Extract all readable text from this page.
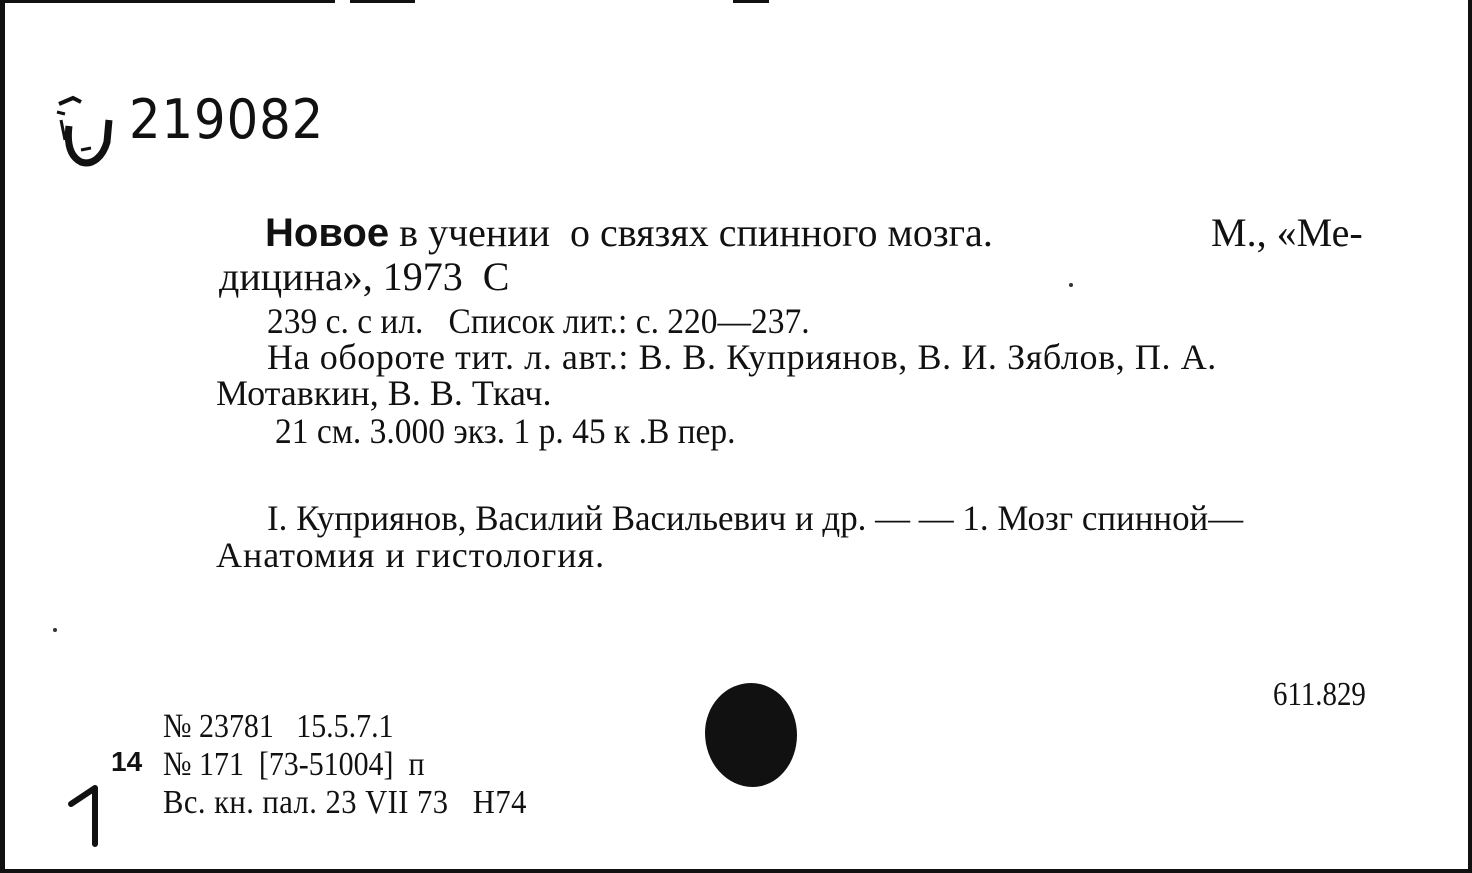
219082
Новое в учении  о связях спинного мозга.	М., «Ме-
дицина», 1973  С
239 с. с ил.   Список лит.: с. 220—237.
На обороте тит. л. авт.: В. В. Куприянов, В. И. Зяблов, П. А.
Мотавкин, В. В. Ткач.
21 см. 3.000 экз. 1 р. 45 к .В пер.
I. Куприянов, Василий Васильевич и др. — — 1. Мозг спинной—
Анатомия и гистология.
611.829
№ 23781   15.5.7.1
14 № 171  [73-51004]  п
Вс. кн. пал. 23 VII 73   Н74
